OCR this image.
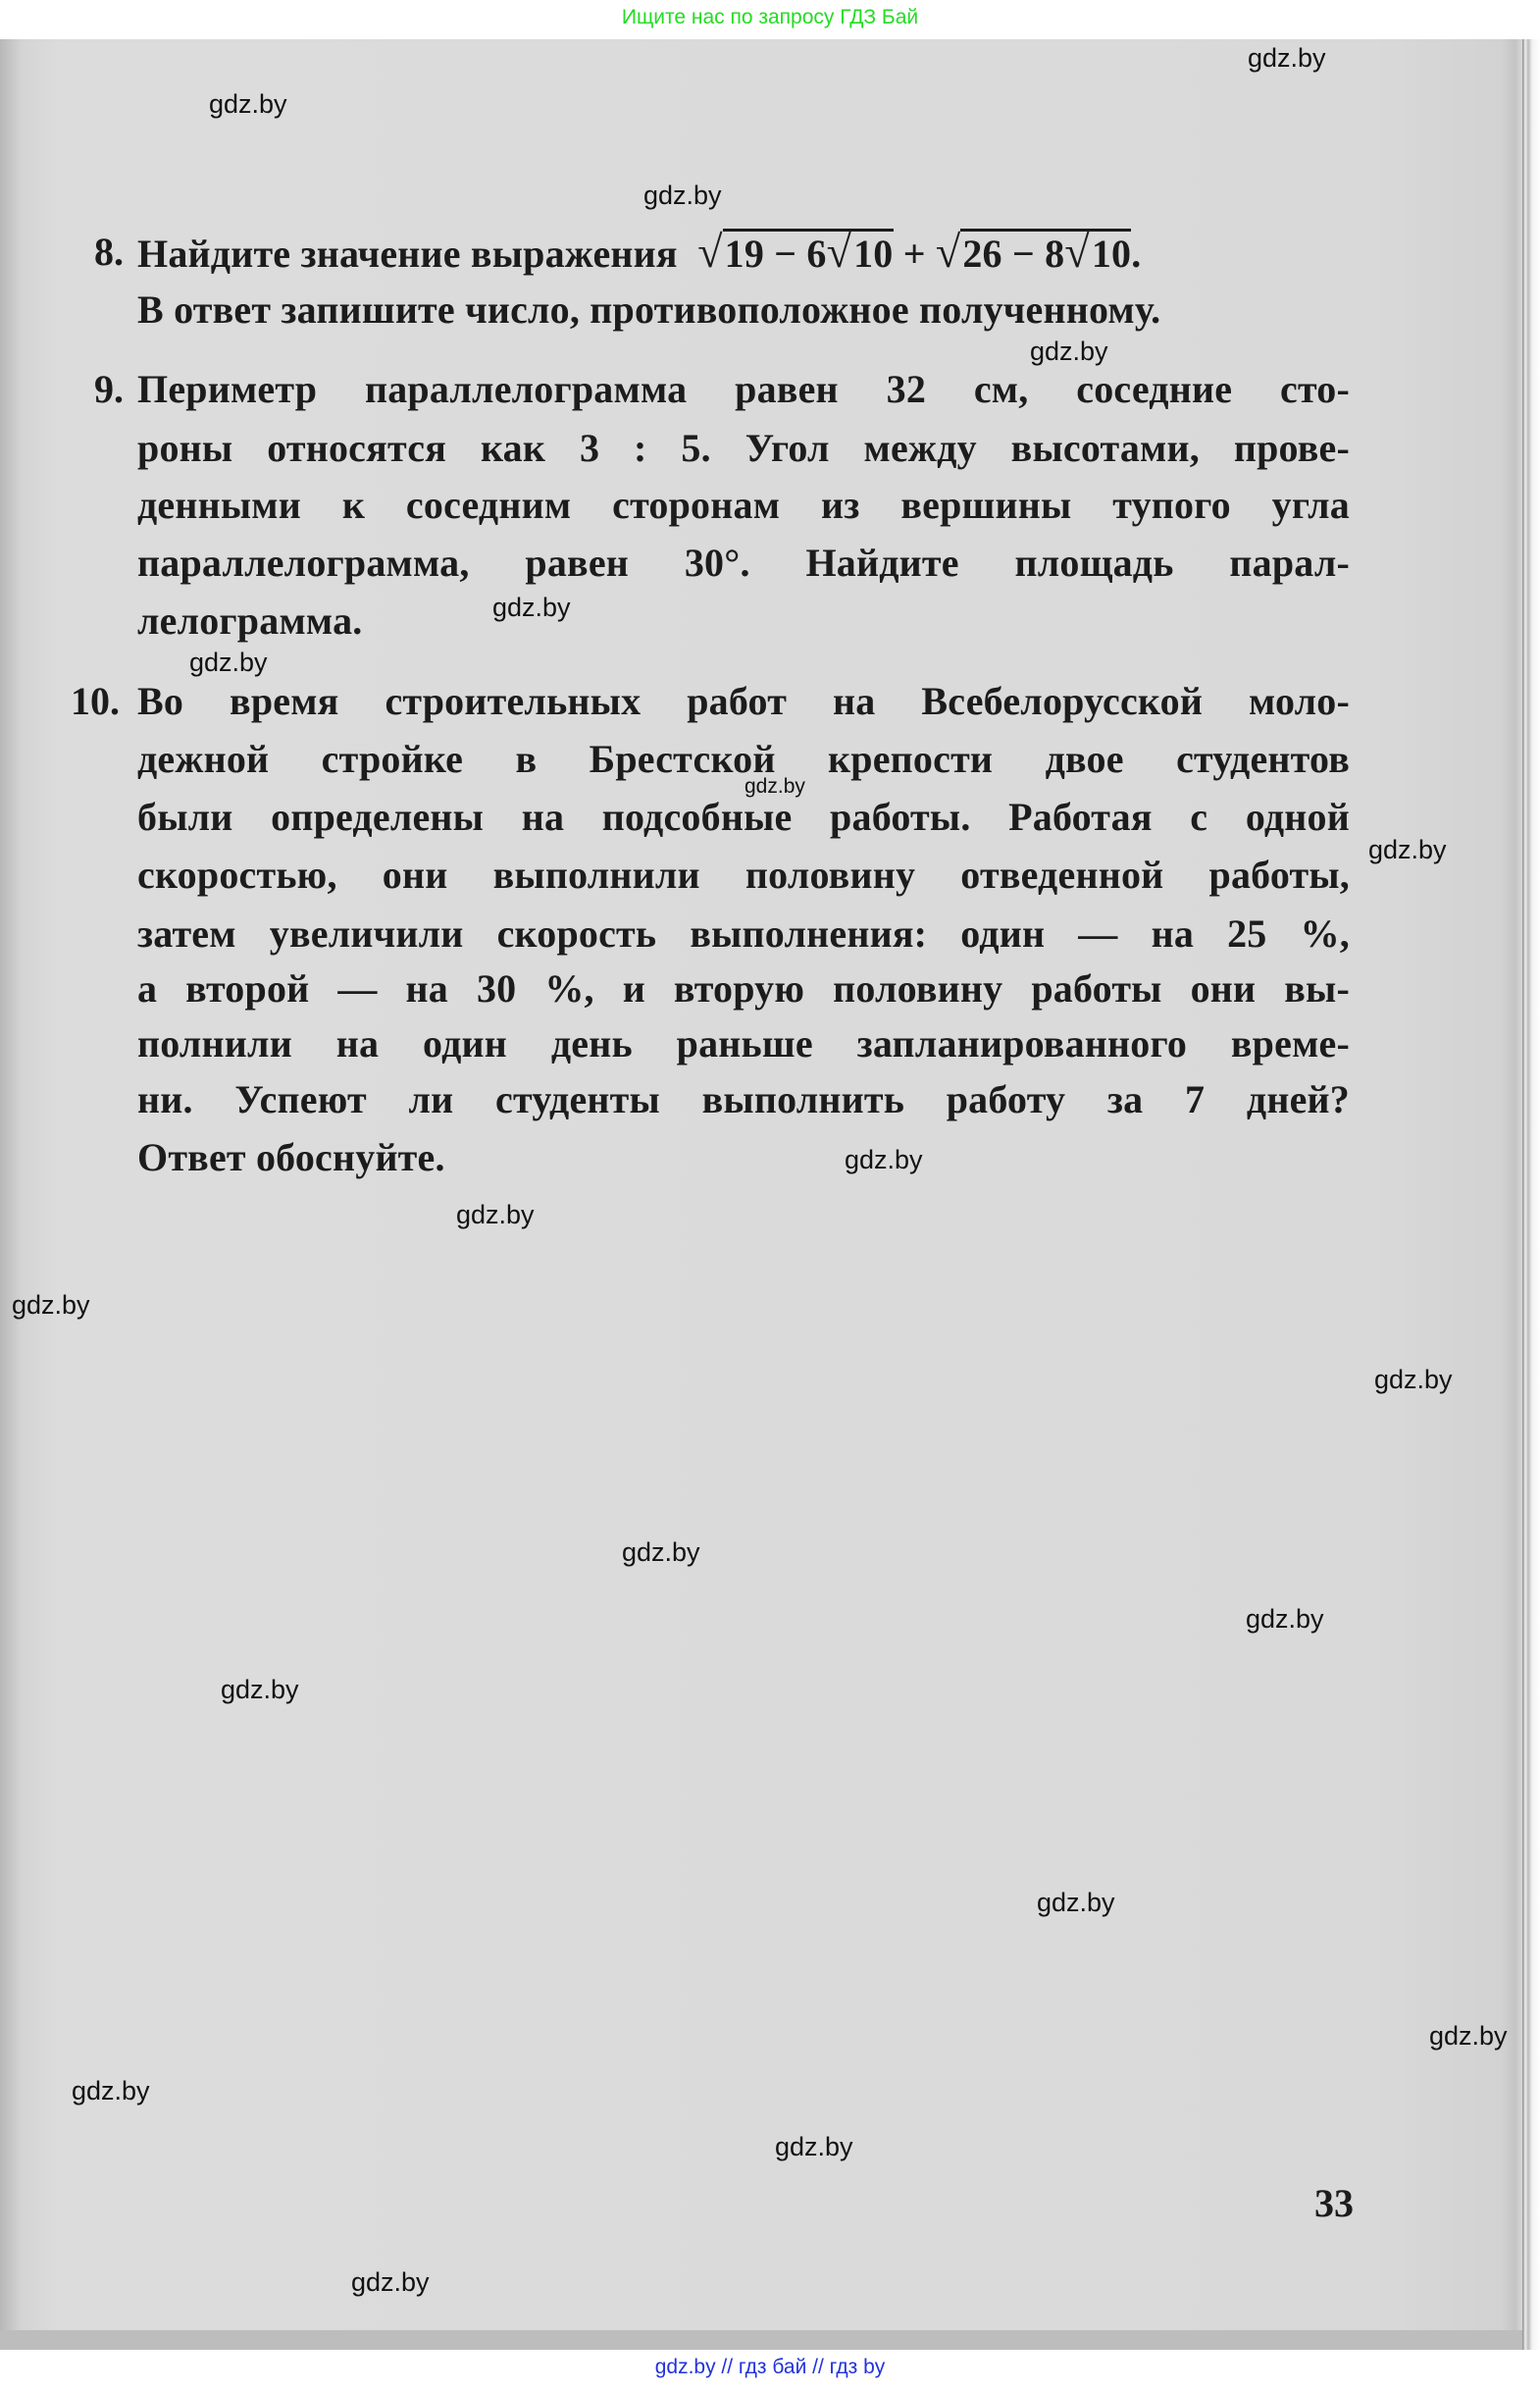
Ищите нас по запросу ГДЗ Бай
8. Найдите значение выражения √19 − 6√10 + √26 − 8√10.
В ответ запишите число, противоположное полученному.
9. Периметр параллелограмма равен 32 см, соседние сто-
роны относятся как 3 : 5. Угол между высотами, прове-
денными к соседним сторонам из вершины тупого угла
параллелограмма, равен 30°. Найдите площадь парал-
лелограмма.
10. Во время строительных работ на Всебелорусской моло-
дежной стройке в Брестской крепости двое студентов
были определены на подсобные работы. Работая с одной
скоростью, они выполнили половину отведенной работы,
затем увеличили скорость выполнения: один — на 25 %,
а второй — на 30 %, и вторую половину работы они вы-
полнили на один день раньше запланированного време-
ни. Успеют ли студенты выполнить работу за 7 дней?
Ответ обоснуйте.
33
gdz.by
gdz.by
gdz.by
gdz.by
gdz.by
gdz.by
gdz.by
gdz.by
gdz.by
gdz.by
gdz.by
gdz.by
gdz.by
gdz.by
gdz.by
gdz.by
gdz.by
gdz.by
gdz.by
gdz.by
gdz.by // гдз бай // гдз by
